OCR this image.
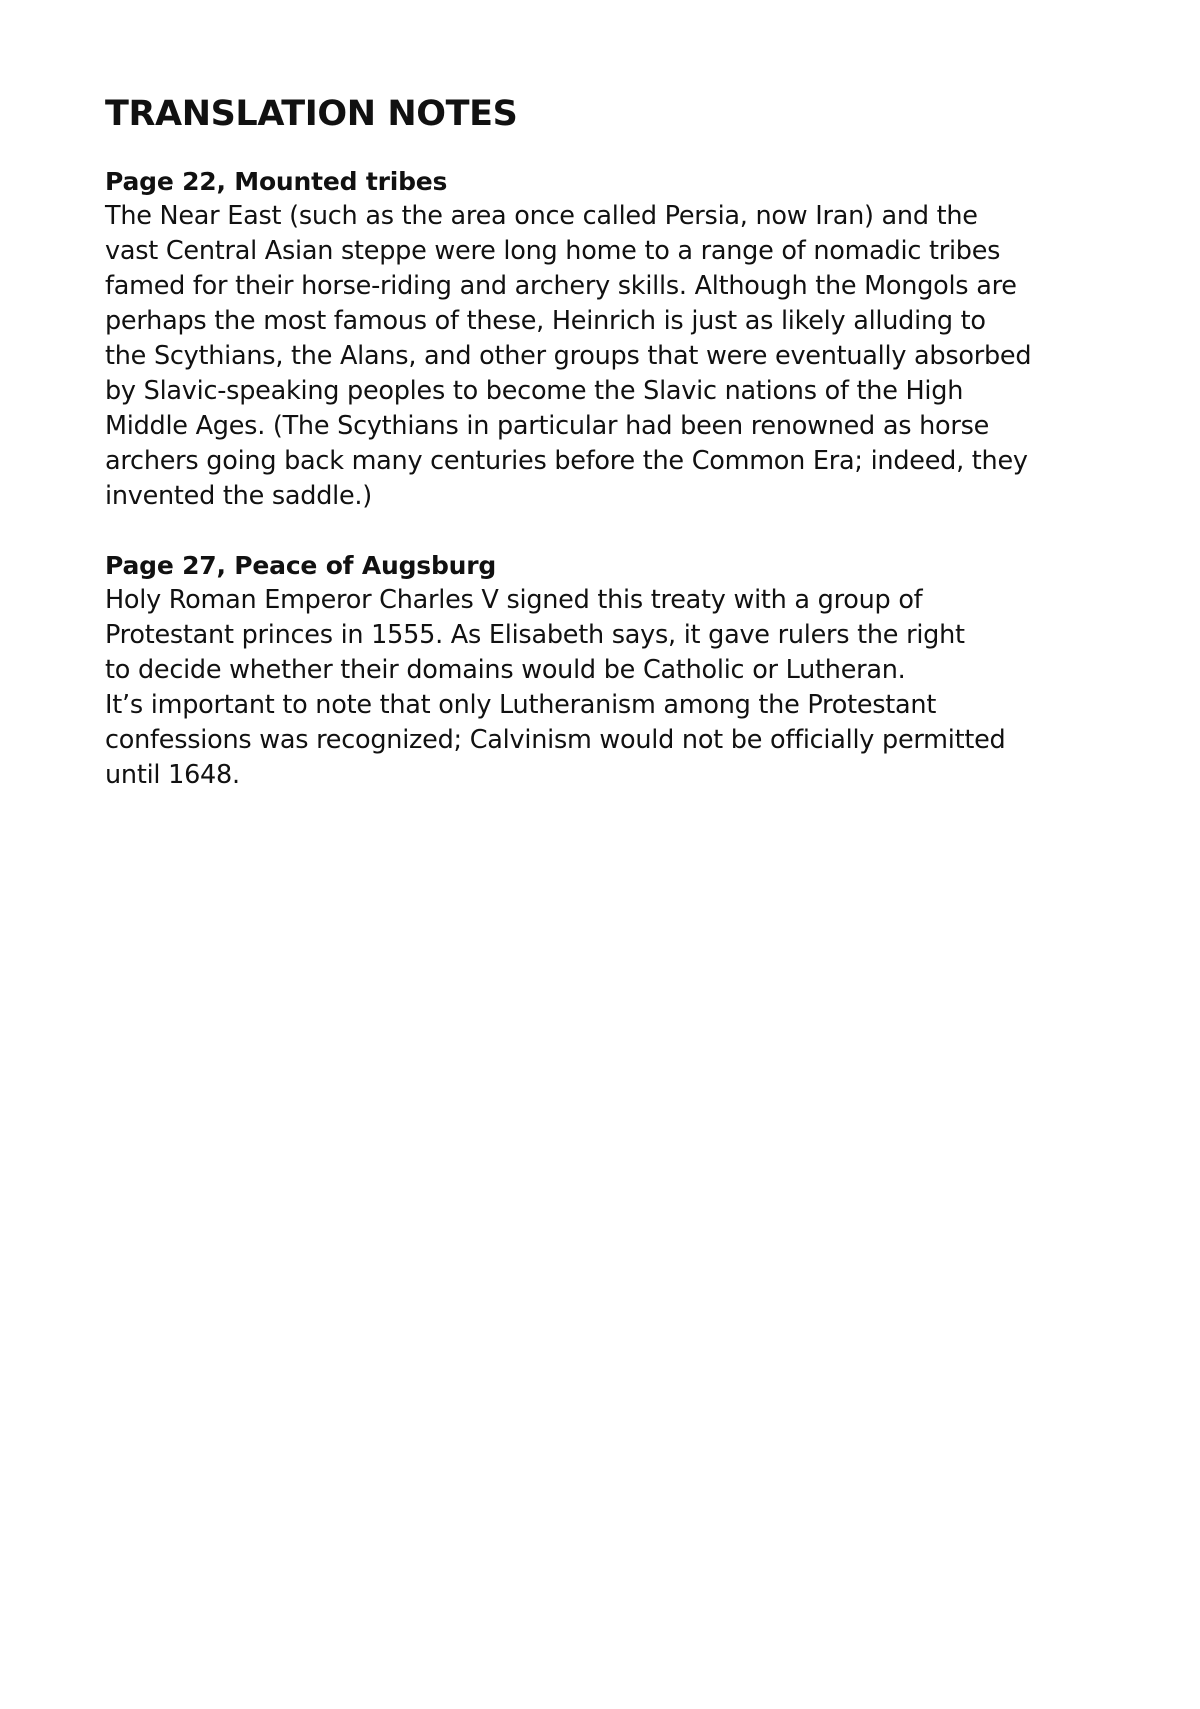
TRANSLATION NOTES
Page 22, Mounted tribes
The Near East (such as the area once called Persia, now Iran) and the
vast Central Asian steppe were long home to a range of nomadic tribes
famed for their horse-riding and archery skills. Although the Mongols are
perhaps the most famous of these, Heinrich is just as likely alluding to
the Scythians, the Alans, and other groups that were eventually absorbed
by Slavic-speaking peoples to become the Slavic nations of the High
Middle Ages. (The Scythians in particular had been renowned as horse
archers going back many centuries before the Common Era; indeed, they
invented the saddle.)
Page 27, Peace of Augsburg
Holy Roman Emperor Charles V signed this treaty with a group of
Protestant princes in 1555. As Elisabeth says, it gave rulers the right
to decide whether their domains would be Catholic or Lutheran.
It’s important to note that only Lutheranism among the Protestant
confessions was recognized; Calvinism would not be officially permitted
until 1648.
